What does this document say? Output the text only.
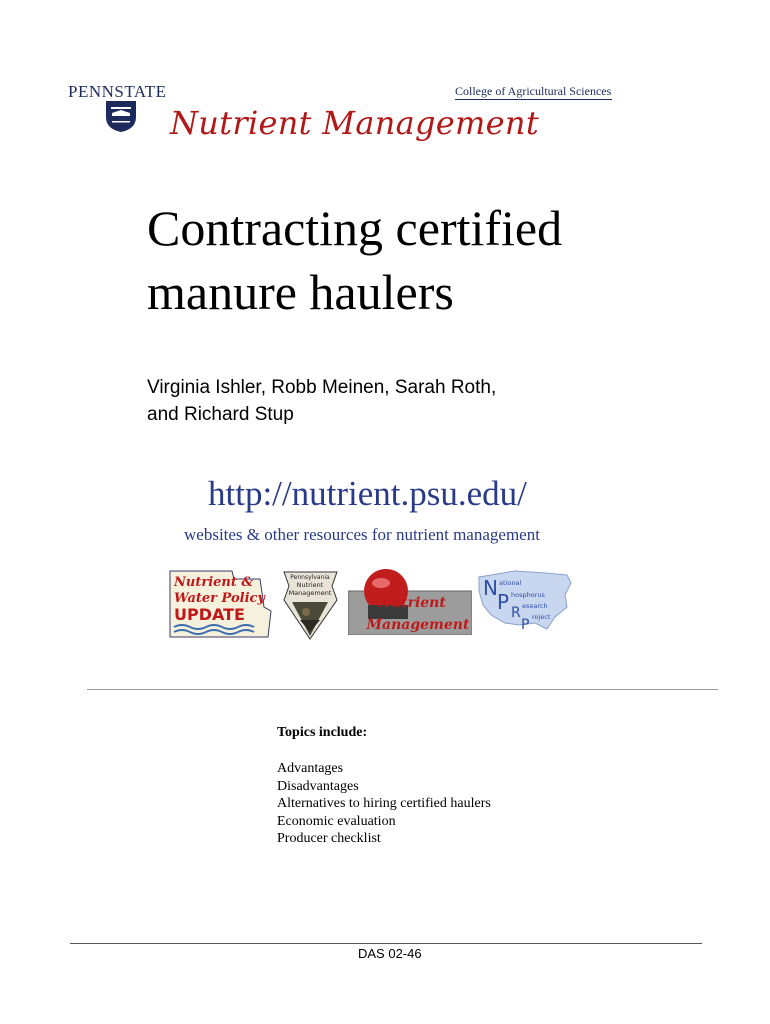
PENNSTATE	College of Agricultural Sciences
Nutrient Management
Contracting certified
manure haulers

Virginia Ishler, Robb Meinen, Sarah Roth,
and Richard Stup

http://nutrient.psu.edu/
websites & other resources for nutrient management
Nutrient &
Water Policy
UPDATE
Pennsylvania
Nutrient
Management
Nutrient
Management
N
P R
P
ational
hosphorus
esearch
roject
Topics include:
Advantages
Disadvantages
Alternatives to hiring certified haulers
Economic evaluation
Producer checklist
DAS 02-46
